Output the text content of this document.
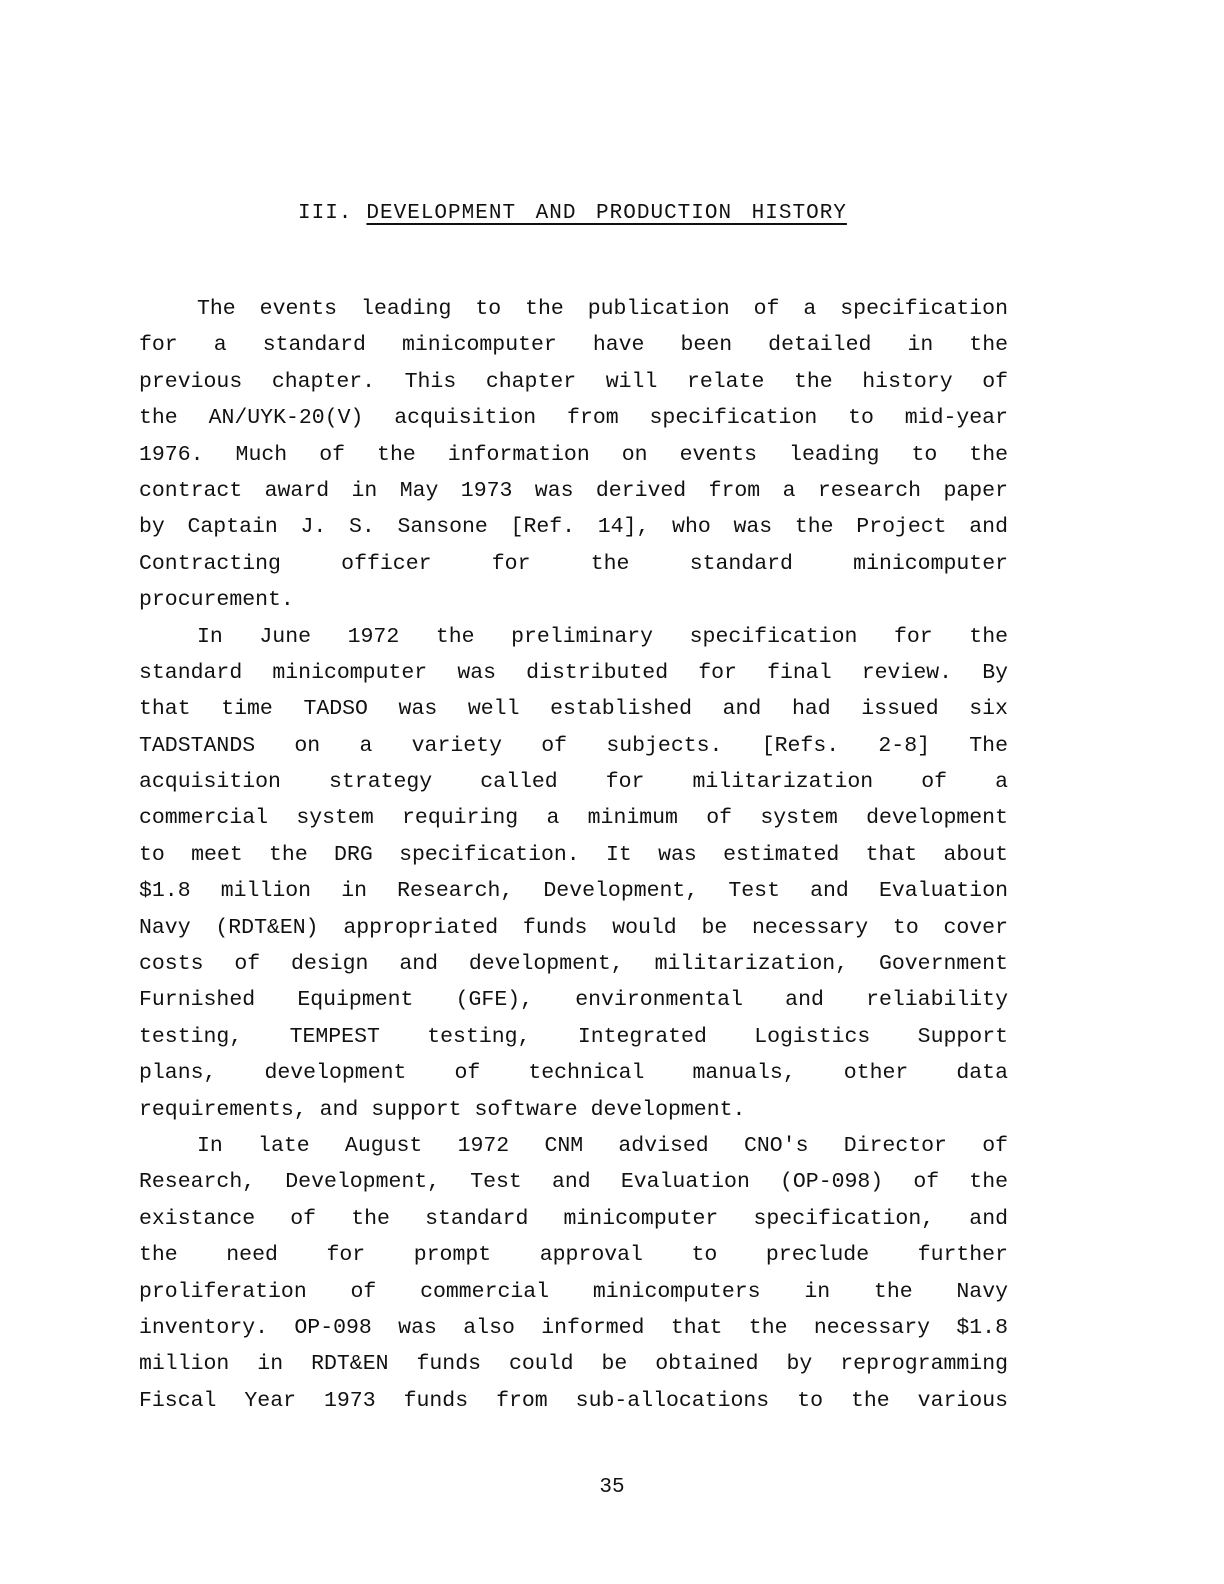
III. DEVELOPMENT AND PRODUCTION HISTORY
The events leading to the publication of a specification
for a standard minicomputer have been detailed in the
previous chapter. This chapter will relate the history of
the AN/UYK-20(V) acquisition from specification to mid-year
1976. Much of the information on events leading to the
contract award in May 1973 was derived from a research paper
by Captain J. S. Sansone [Ref. 14], who was the Project and
Contracting officer for the standard minicomputer
procurement.
In June 1972 the preliminary specification for the
standard minicomputer was distributed for final review. By
that time TADSO was well established and had issued six
TADSTANDS on a variety of subjects. [Refs. 2-8] The
acquisition strategy called for militarization of a
commercial system requiring a minimum of system development
to meet the DRG specification. It was estimated that about
$1.8 million in Research, Development, Test and Evaluation
Navy (RDT&EN) appropriated funds would be necessary to cover
costs of design and development, militarization, Government
Furnished Equipment (GFE), environmental and reliability
testing, TEMPEST testing, Integrated Logistics Support
plans, development of technical manuals, other data
requirements, and support software development.
In late August 1972 CNM advised CNO's Director of
Research, Development, Test and Evaluation (OP-098) of the
existance of the standard minicomputer specification, and
the need for prompt approval to preclude further
proliferation of commercial minicomputers in the Navy
inventory. OP-098 was also informed that the necessary $1.8
million in RDT&EN funds could be obtained by reprogramming
Fiscal Year 1973 funds from sub-allocations to the various
35
